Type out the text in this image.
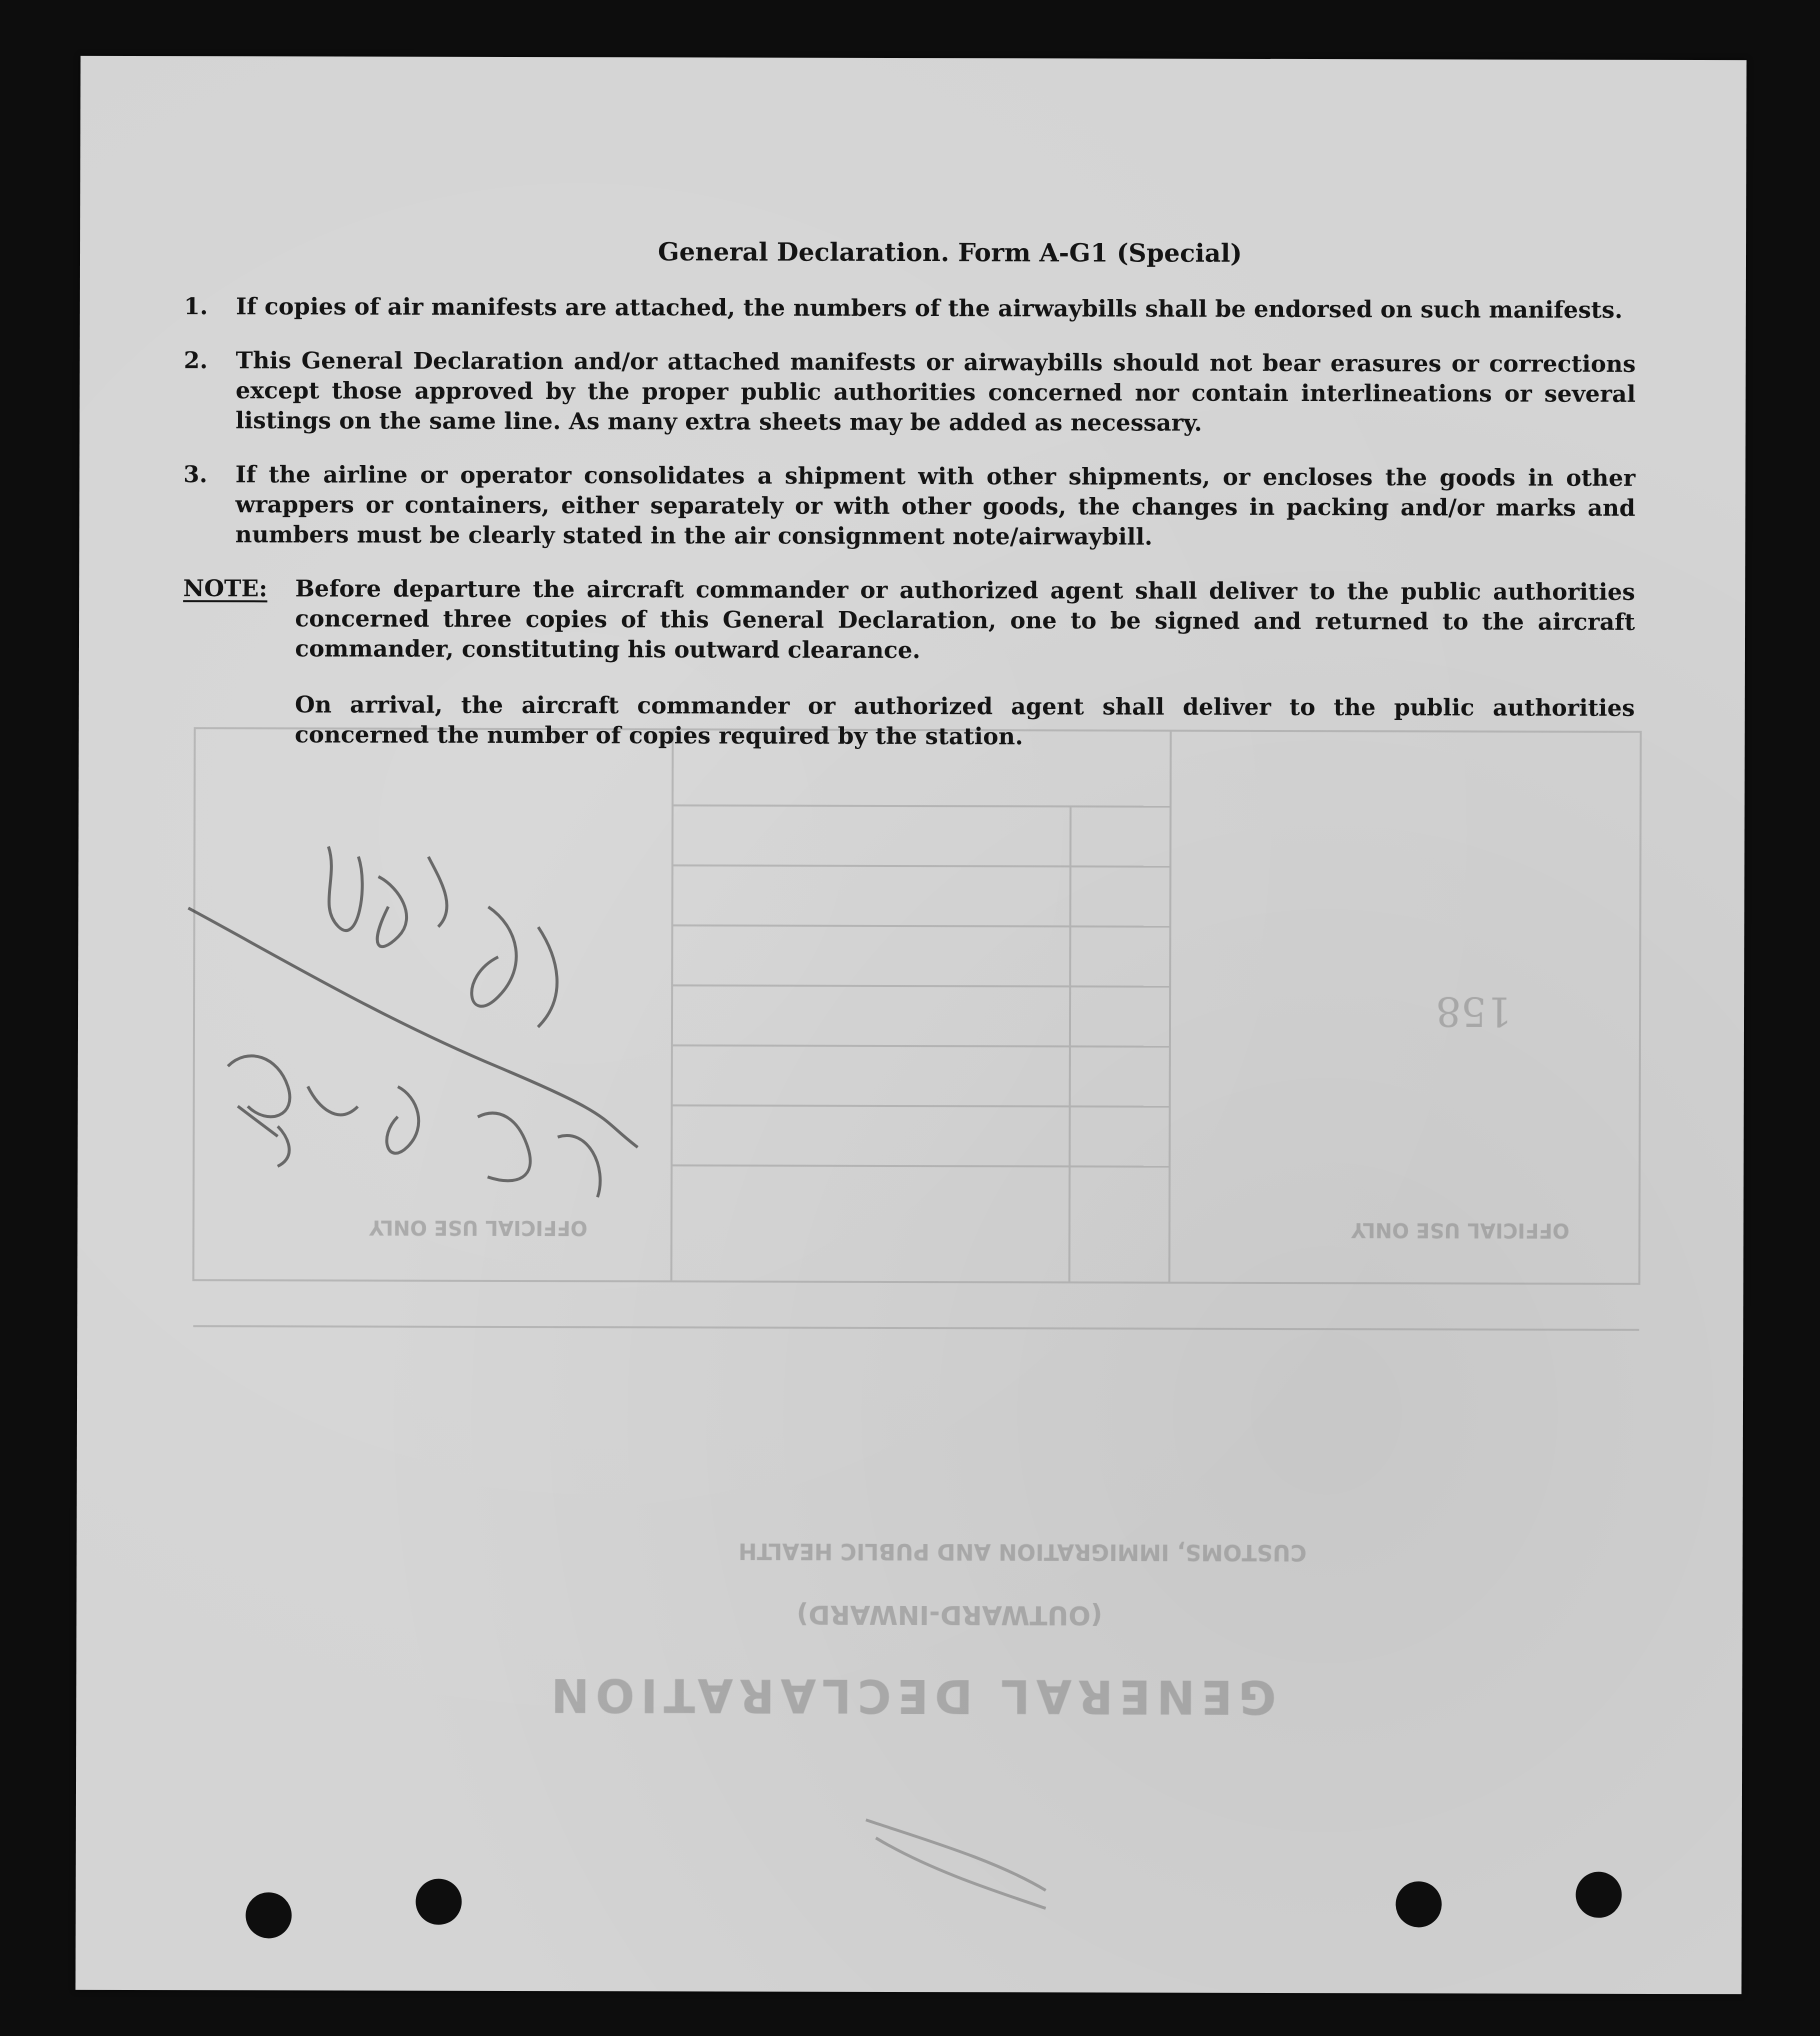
GENERAL DECLARATION
(OUTWARD-INWARD)
CUSTOMS, IMMIGRATION AND PUBLIC HEALTH
OFFICIAL USE ONLY	OFFICIAL USE ONLY
158
General Declaration. Form A-G1 (Special)
1.	If copies of air manifests are attached, the numbers of the airwaybills shall be endorsed on such manifests.
2.	This General Declaration and/or attached manifests or airwaybills should not bear erasures or corrections except those approved by the proper public authorities concerned nor contain interlineations or several listings on the same line. As many extra sheets may be added as necessary.
3.	If the airline or operator consolidates a shipment with other shipments, or encloses the goods in other wrappers or containers, either separately or with other goods, the changes in packing and/or marks and numbers must be clearly stated in the air consignment note/airwaybill.
NOTE:	Before departure the aircraft commander or authorized agent shall deliver to the public authorities concerned three copies of this General Declaration, one to be signed and returned to the aircraft commander, constituting his outward clearance.
On arrival, the aircraft commander or authorized agent shall deliver to the public authorities concerned the number of copies required by the station.
